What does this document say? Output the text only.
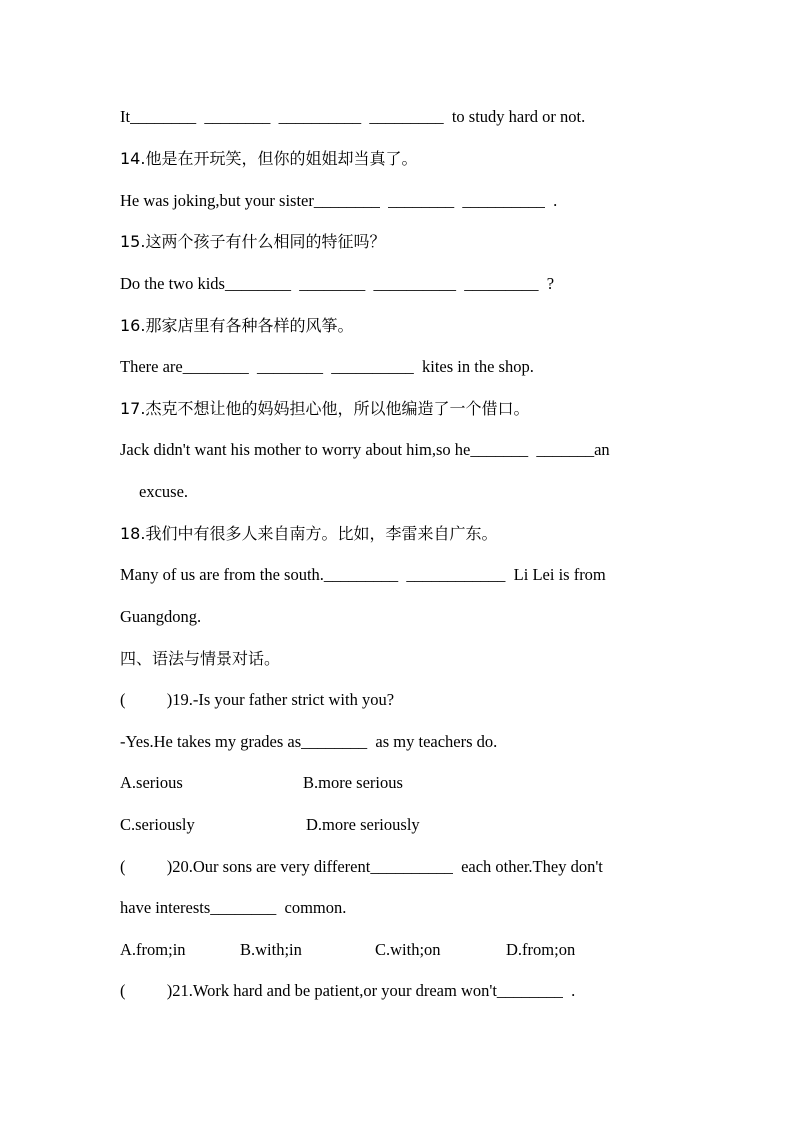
It________  ________  __________  _________  to study hard or not.
14.他是在开玩笑，但你的姐姐却当真了。
He was joking,but your sister________  ________  __________  .
15.这两个孩子有什么相同的特征吗？
Do the two kids________  ________  __________  _________  ?
16.那家店里有各种各样的风筝。
There are________  ________  __________  kites in the shop.
17.杰克不想让他的妈妈担心他，所以他编造了一个借口。
Jack didn't want his mother to worry about him,so he_______  _______an
excuse.
18.我们中有很多人来自南方。比如，李雷来自广东。
Many of us are from the south._________  ____________  Li Lei is from
Guangdong.
四、语法与情景对话。
(          )19.-Is your father strict with you?
-Yes.He takes my grades as________  as my teachers do.
A.serious	B.more serious
C.seriously	D.more seriously
(          )20.Our sons are very different__________  each other.They don't
have interests________  common.
A.from;in	B.with;in	C.with;on	D.from;on
(          )21.Work hard and be patient,or your dream won't________  .
